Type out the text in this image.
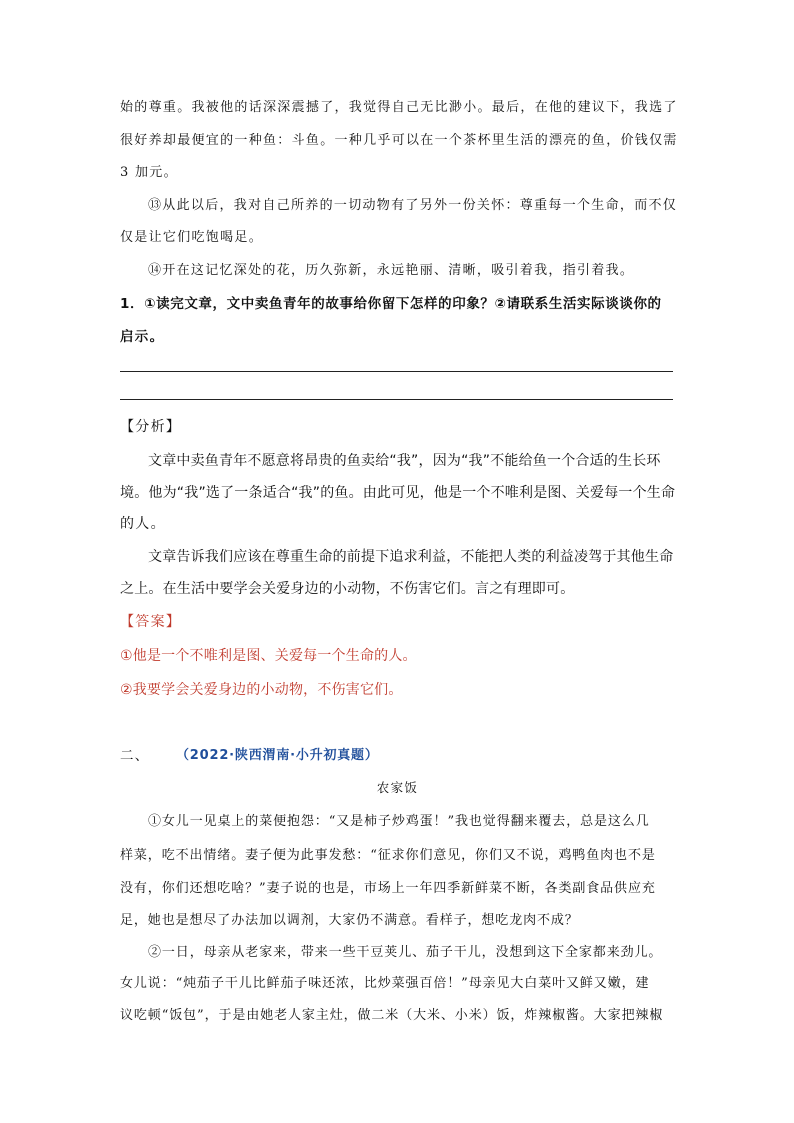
始的尊重。我被他的话深深震撼了，我觉得自己无比渺小。最后，在他的建议下，我选了
很好养却最便宜的一种鱼：斗鱼。一种几乎可以在一个茶杯里生活的漂亮的鱼，价钱仅需
3 加元。
⑬从此以后，我对自己所养的一切动物有了另外一份关怀：尊重每一个生命，而不仅
仅是让它们吃饱喝足。
⑭开在这记忆深处的花，历久弥新，永远艳丽、清晰，吸引着我，指引着我。
1．①读完文章，文中卖鱼青年的故事给你留下怎样的印象？②请联系生活实际谈谈你的
启示。
【分析】
文章中卖鱼青年不愿意将昂贵的鱼卖给“我”，因为“我”不能给鱼一个合适的生长环
境。他为“我”选了一条适合“我”的鱼。由此可见，他是一个不唯利是图、关爱每一个生命
的人。
文章告诉我们应该在尊重生命的前提下追求利益，不能把人类的利益凌驾于其他生命
之上。在生活中要学会关爱身边的小动物，不伤害它们。言之有理即可。
【答案】
①他是一个不唯利是图、关爱每一个生命的人。
②我要学会关爱身边的小动物，不伤害它们。
二、	（2022·陕西渭南·小升初真题）
农家饭
①女儿一见桌上的菜便抱怨：“又是柿子炒鸡蛋！”我也觉得翻来覆去，总是这么几
样菜，吃不出情绪。妻子便为此事发愁：“征求你们意见，你们又不说，鸡鸭鱼肉也不是
没有，你们还想吃啥？”妻子说的也是，市场上一年四季新鲜菜不断，各类副食品供应充
足，她也是想尽了办法加以调剂，大家仍不满意。看样子，想吃龙肉不成？
②一日，母亲从老家来，带来一些干豆荚儿、茄子干儿，没想到这下全家都来劲儿。
女儿说：“炖茄子干儿比鲜茄子味还浓，比炒菜强百倍！”母亲见大白菜叶又鲜又嫩，建
议吃顿“饭包”，于是由她老人家主灶，做二米（大米、小米）饭，炸辣椒酱。大家把辣椒
